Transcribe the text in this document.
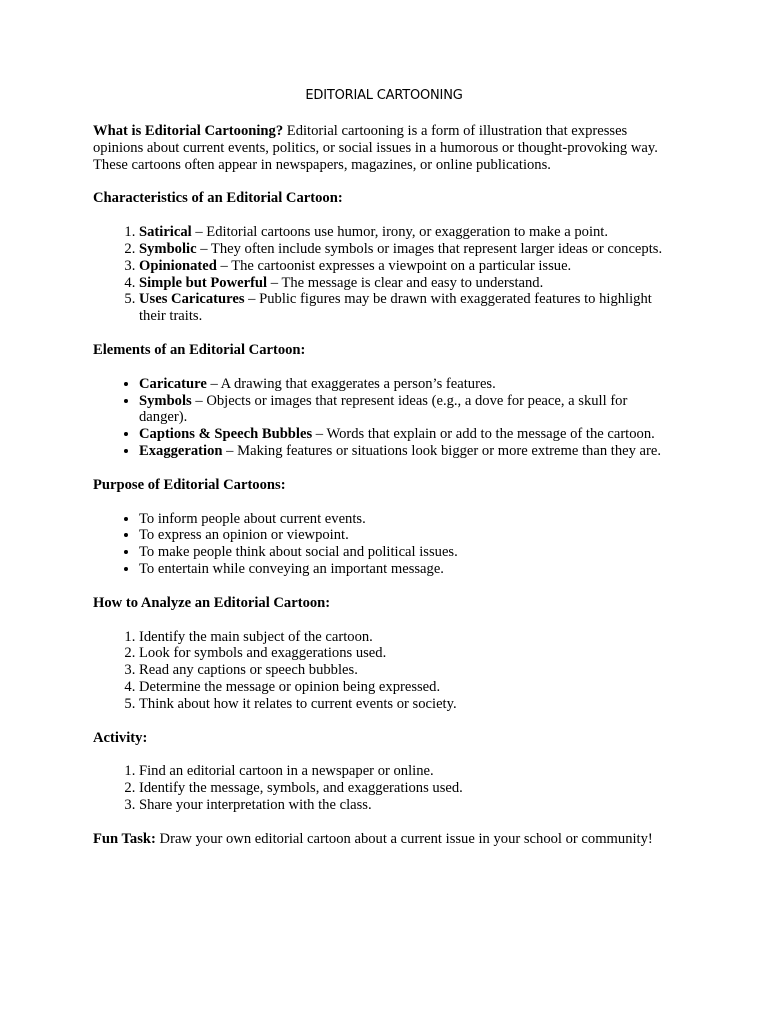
EDITORIAL CARTOONING

What is Editorial Cartooning? Editorial cartooning is a form of illustration that expresses opinions about current events, politics, or social issues in a humorous or thought-provoking way. These cartoons often appear in newspapers, magazines, or online publications.

Characteristics of an Editorial Cartoon:

1. Satirical – Editorial cartoons use humor, irony, or exaggeration to make a point.
2. Symbolic – They often include symbols or images that represent larger ideas or concepts.
3. Opinionated – The cartoonist expresses a viewpoint on a particular issue.
4. Simple but Powerful – The message is clear and easy to understand.
5. Uses Caricatures – Public figures may be drawn with exaggerated features to highlight their traits.

Elements of an Editorial Cartoon:

• Caricature – A drawing that exaggerates a person’s features.
• Symbols – Objects or images that represent ideas (e.g., a dove for peace, a skull for danger).
• Captions & Speech Bubbles – Words that explain or add to the message of the cartoon.
• Exaggeration – Making features or situations look bigger or more extreme than they are.

Purpose of Editorial Cartoons:

• To inform people about current events.
• To express an opinion or viewpoint.
• To make people think about social and political issues.
• To entertain while conveying an important message.

How to Analyze an Editorial Cartoon:

1. Identify the main subject of the cartoon.
2. Look for symbols and exaggerations used.
3. Read any captions or speech bubbles.
4. Determine the message or opinion being expressed.
5. Think about how it relates to current events or society.

Activity:

1. Find an editorial cartoon in a newspaper or online.
2. Identify the message, symbols, and exaggerations used.
3. Share your interpretation with the class.

Fun Task: Draw your own editorial cartoon about a current issue in your school or community!
